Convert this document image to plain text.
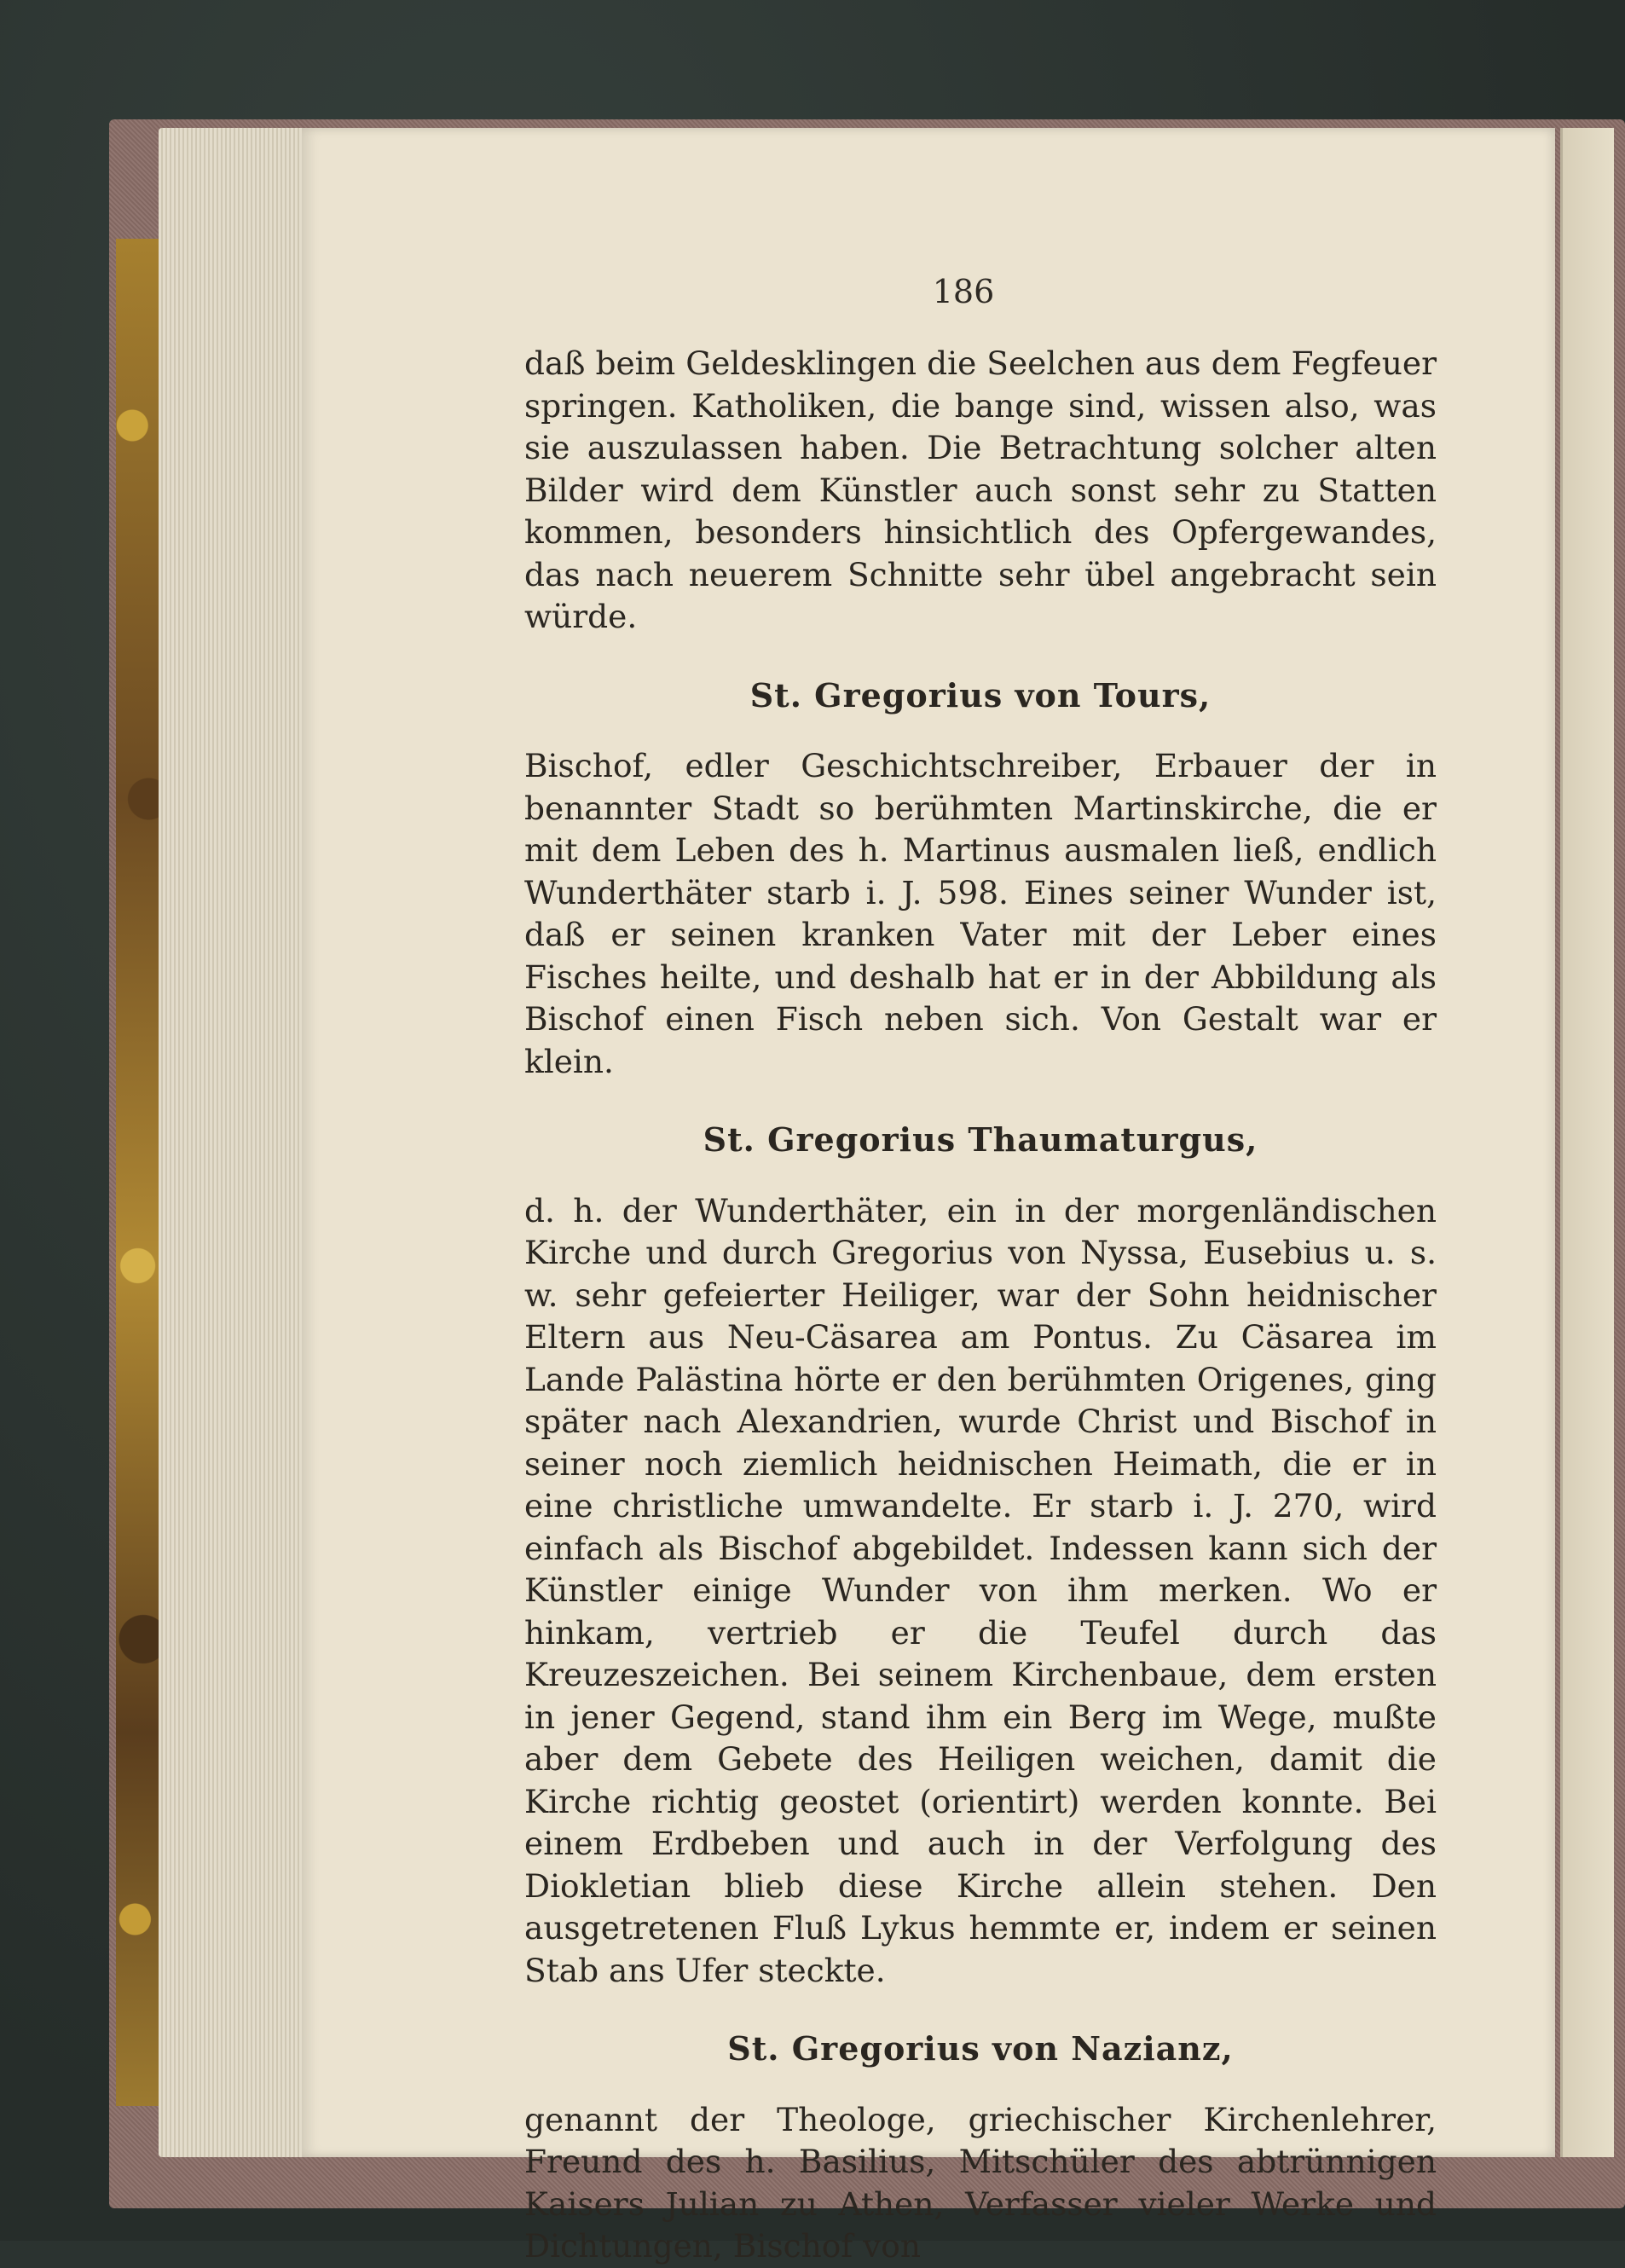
186

daß beim Geldesklingen die Seelchen aus dem Fegfeuer springen. Katholiken, die bange sind, wissen also, was sie auszulassen haben. Die Betrachtung solcher alten Bilder wird dem Künstler auch sonst sehr zu Statten kommen, besonders hinsichtlich des Opfergewandes, das nach neuerem Schnitte sehr übel angebracht sein würde.

St. Gregorius von Tours,

Bischof, edler Geschichtschreiber, Erbauer der in benannter Stadt so berühmten Martinskirche, die er mit dem Leben des h. Martinus ausmalen ließ, endlich Wunderthäter starb i. J. 598. Eines seiner Wunder ist, daß er seinen kranken Vater mit der Leber eines Fisches heilte, und deshalb hat er in der Abbildung als Bischof einen Fisch neben sich. Von Gestalt war er klein.

St. Gregorius Thaumaturgus,

d. h. der Wunderthäter, ein in der morgenländischen Kirche und durch Gregorius von Nyssa, Eusebius u. s. w. sehr gefeierter Heiliger, war der Sohn heidnischer Eltern aus Neu-Cäsarea am Pontus. Zu Cäsarea im Lande Palästina hörte er den berühmten Origenes, ging später nach Alexandrien, wurde Christ und Bischof in seiner noch ziemlich heidnischen Heimath, die er in eine christliche umwandelte. Er starb i. J. 270, wird einfach als Bischof abgebildet. Indessen kann sich der Künstler einige Wunder von ihm merken. Wo er hinkam, vertrieb er die Teufel durch das Kreuzeszeichen. Bei seinem Kirchenbaue, dem ersten in jener Gegend, stand ihm ein Berg im Wege, mußte aber dem Gebete des Heiligen weichen, damit die Kirche richtig geostet (orientirt) werden konnte. Bei einem Erdbeben und auch in der Verfolgung des Diokletian blieb diese Kirche allein stehen. Den ausgetretenen Fluß Lykus hemmte er, indem er seinen Stab ans Ufer steckte.

St. Gregorius von Nazianz,

genannt der Theologe, griechischer Kirchenlehrer, Freund des h. Basilius, Mitschüler des abtrünnigen Kaisers Julian zu Athen, Verfasser vieler Werke und Dichtungen, Bischof von
